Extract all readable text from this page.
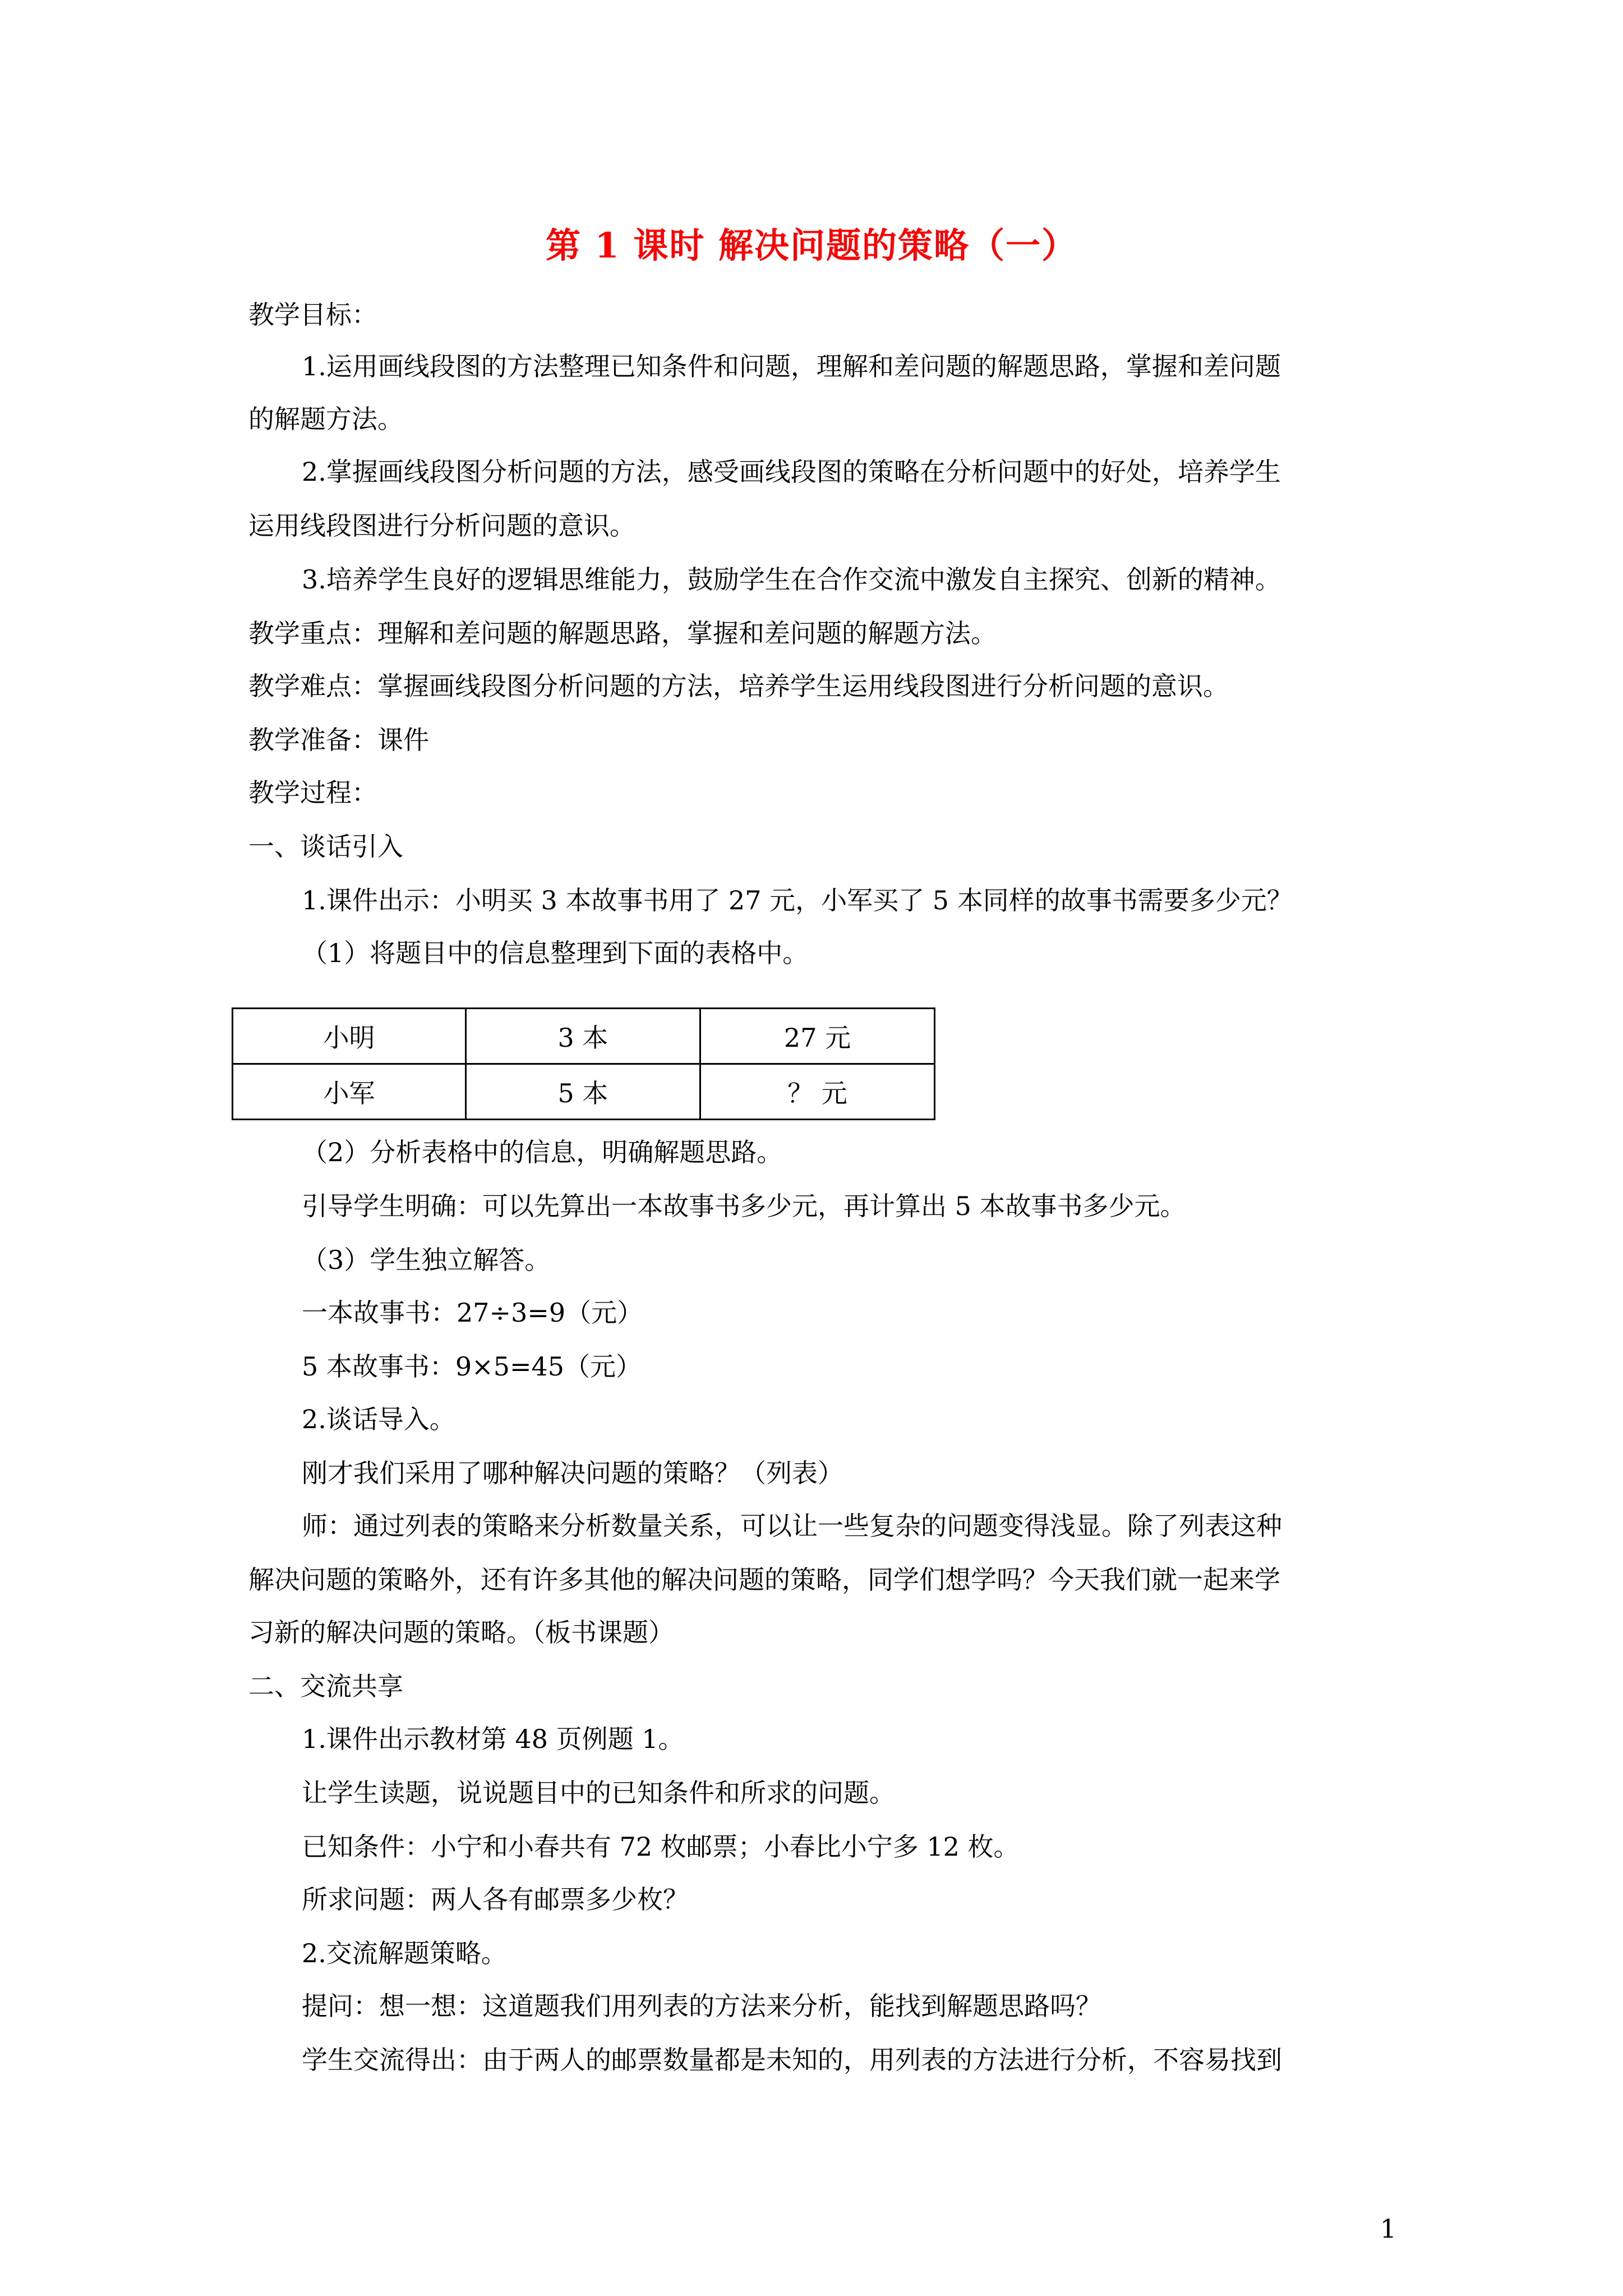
第 1 课时 解决问题的策略（一）
教学目标：
1.运用画线段图的方法整理已知条件和问题，理解和差问题的解题思路，掌握和差问题
的解题方法。
2.掌握画线段图分析问题的方法，感受画线段图的策略在分析问题中的好处，培养学生
运用线段图进行分析问题的意识。
3.培养学生良好的逻辑思维能力，鼓励学生在合作交流中激发自主探究、创新的精神。
教学重点：理解和差问题的解题思路，掌握和差问题的解题方法。
教学难点：掌握画线段图分析问题的方法，培养学生运用线段图进行分析问题的意识。
教学准备：课件
教学过程：
一、谈话引入
1.课件出示：小明买 3 本故事书用了 27 元，小军买了 5 本同样的故事书需要多少元？
（1）将题目中的信息整理到下面的表格中。
小明	3 本	27 元
小军	5 本	？ 元
（2）分析表格中的信息，明确解题思路。
引导学生明确：可以先算出一本故事书多少元，再计算出 5 本故事书多少元。
（3）学生独立解答。
一本故事书：27÷3=9（元）
5 本故事书：9×5=45（元）
2.谈话导入。
刚才我们采用了哪种解决问题的策略？（列表）
师：通过列表的策略来分析数量关系，可以让一些复杂的问题变得浅显。除了列表这种
解决问题的策略外，还有许多其他的解决问题的策略，同学们想学吗？今天我们就一起来学
习新的解决问题的策略。（板书课题）
二、交流共享
1.课件出示教材第 48 页例题 1。
让学生读题，说说题目中的已知条件和所求的问题。
已知条件：小宁和小春共有 72 枚邮票；小春比小宁多 12 枚。
所求问题：两人各有邮票多少枚？
2.交流解题策略。
提问：想一想：这道题我们用列表的方法来分析，能找到解题思路吗？
学生交流得出：由于两人的邮票数量都是未知的，用列表的方法进行分析，不容易找到
1
